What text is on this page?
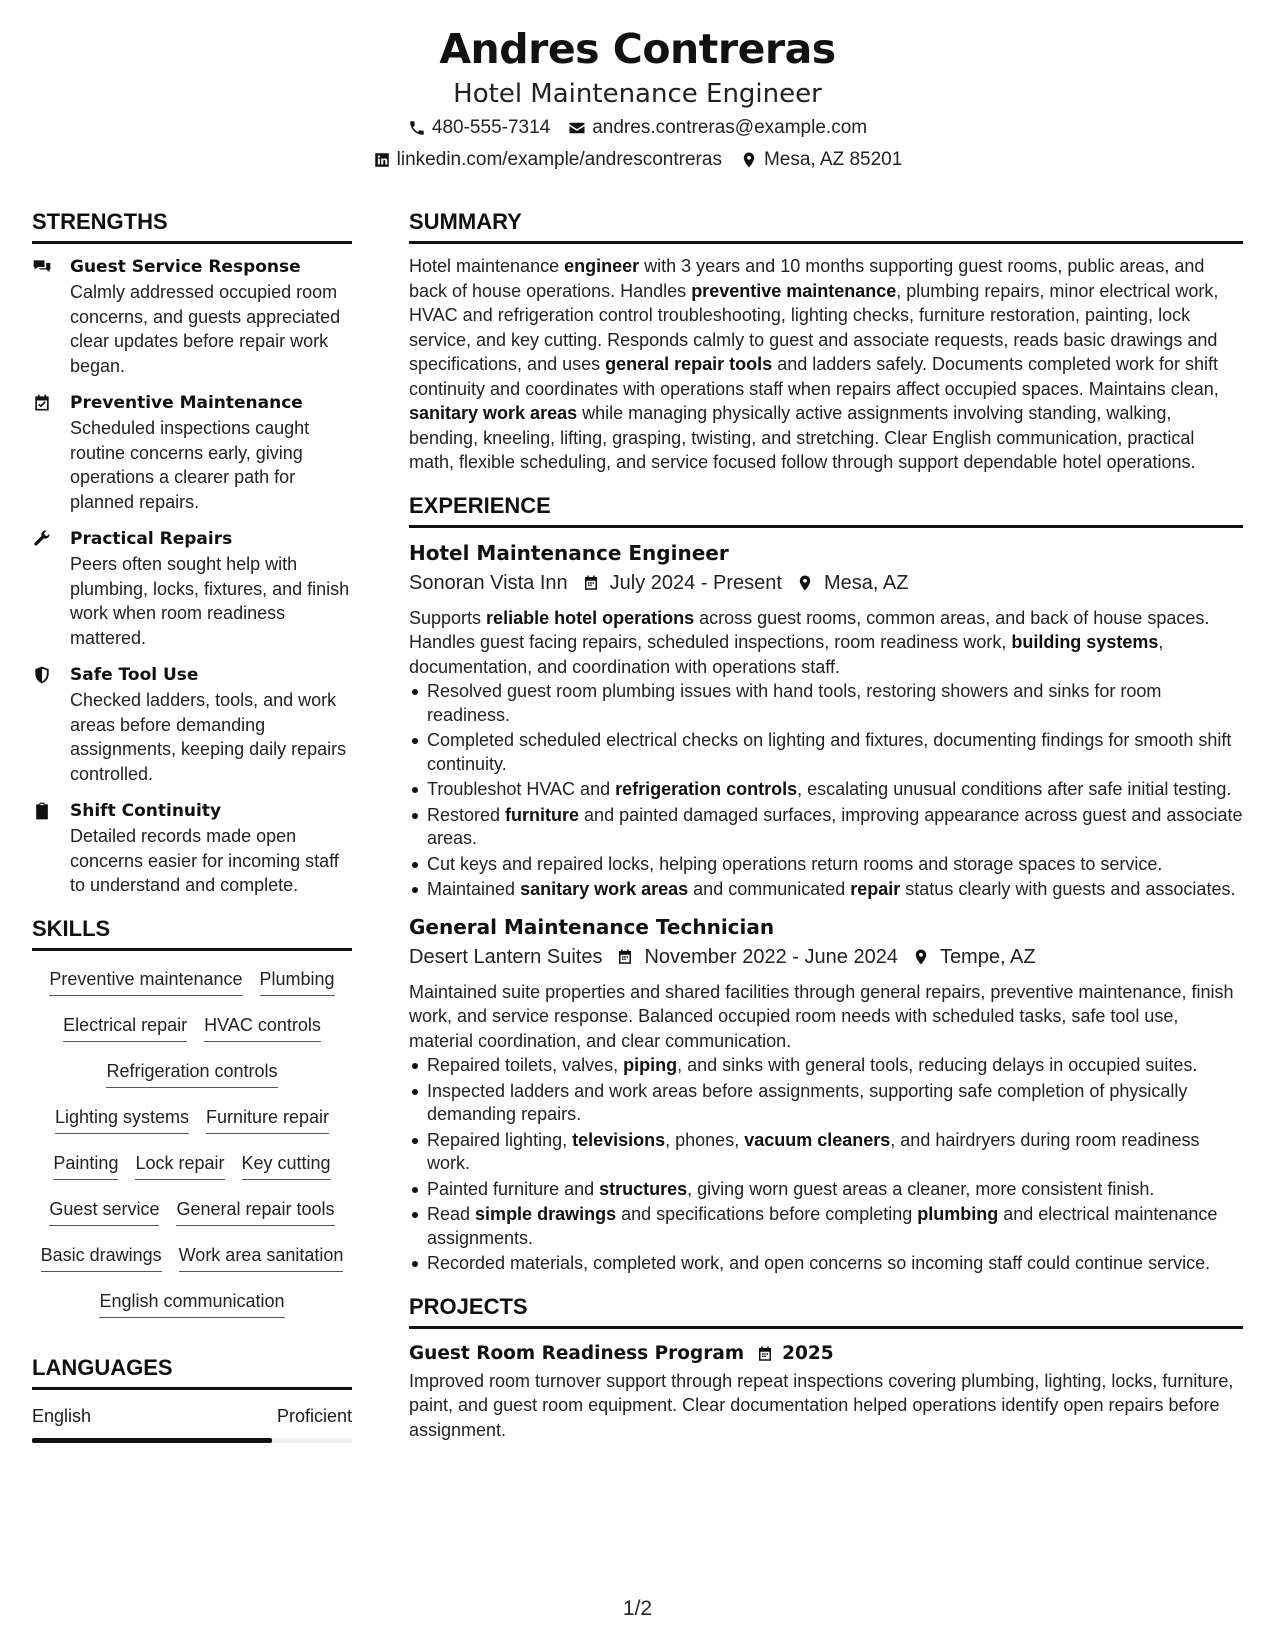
Andres Contreras
Hotel Maintenance Engineer
480-555-7314 andres.contreras@example.com
linkedin.com/example/andrescontreras Mesa, AZ 85201
STRENGTHS
Guest Service Response
Calmly addressed occupied room concerns, and guests appreciated clear updates before repair work began.
Preventive Maintenance
Scheduled inspections caught routine concerns early, giving operations a clearer path for planned repairs.
Practical Repairs
Peers often sought help with plumbing, locks, fixtures, and finish work when room readiness mattered.
Safe Tool Use
Checked ladders, tools, and work areas before demanding assignments, keeping daily repairs controlled.
Shift Continuity
Detailed records made open concerns easier for incoming staff to understand and complete.
SKILLS
Preventive maintenance Plumbing
Electrical repair HVAC controls
Refrigeration controls
Lighting systems Furniture repair
Painting Lock repair Key cutting
Guest service General repair tools
Basic drawings Work area sanitation
English communication
LANGUAGES
English	Proficient
SUMMARY
Hotel maintenance engineer with 3 years and 10 months supporting guest rooms, public areas, and back of house operations. Handles preventive maintenance, plumbing repairs, minor electrical work, HVAC and refrigeration control troubleshooting, lighting checks, furniture restoration, painting, lock service, and key cutting. Responds calmly to guest and associate requests, reads basic drawings and specifications, and uses general repair tools and ladders safely. Documents completed work for shift continuity and coordinates with operations staff when repairs affect occupied spaces. Maintains clean, sanitary work areas while managing physically active assignments involving standing, walking, bending, kneeling, lifting, grasping, twisting, and stretching. Clear English communication, practical math, flexible scheduling, and service focused follow through support dependable hotel operations.
EXPERIENCE
Hotel Maintenance Engineer
Sonoran Vista Inn July 2024 - Present Mesa, AZ
Supports reliable hotel operations across guest rooms, common areas, and back of house spaces. Handles guest facing repairs, scheduled inspections, room readiness work, building systems, documentation, and coordination with operations staff.
Resolved guest room plumbing issues with hand tools, restoring showers and sinks for room readiness.
Completed scheduled electrical checks on lighting and fixtures, documenting findings for smooth shift continuity.
Troubleshot HVAC and refrigeration controls, escalating unusual conditions after safe initial testing.
Restored furniture and painted damaged surfaces, improving appearance across guest and associate areas.
Cut keys and repaired locks, helping operations return rooms and storage spaces to service.
Maintained sanitary work areas and communicated repair status clearly with guests and associates.
General Maintenance Technician
Desert Lantern Suites November 2022 - June 2024 Tempe, AZ
Maintained suite properties and shared facilities through general repairs, preventive maintenance, finish work, and service response. Balanced occupied room needs with scheduled tasks, safe tool use, material coordination, and clear communication.
Repaired toilets, valves, piping, and sinks with general tools, reducing delays in occupied suites.
Inspected ladders and work areas before assignments, supporting safe completion of physically demanding repairs.
Repaired lighting, televisions, phones, vacuum cleaners, and hairdryers during room readiness work.
Painted furniture and structures, giving worn guest areas a cleaner, more consistent finish.
Read simple drawings and specifications before completing plumbing and electrical maintenance assignments.
Recorded materials, completed work, and open concerns so incoming staff could continue service.
PROJECTS
Guest Room Readiness Program 2025
Improved room turnover support through repeat inspections covering plumbing, lighting, locks, furniture, paint, and guest room equipment. Clear documentation helped operations identify open repairs before assignment.
1/2
